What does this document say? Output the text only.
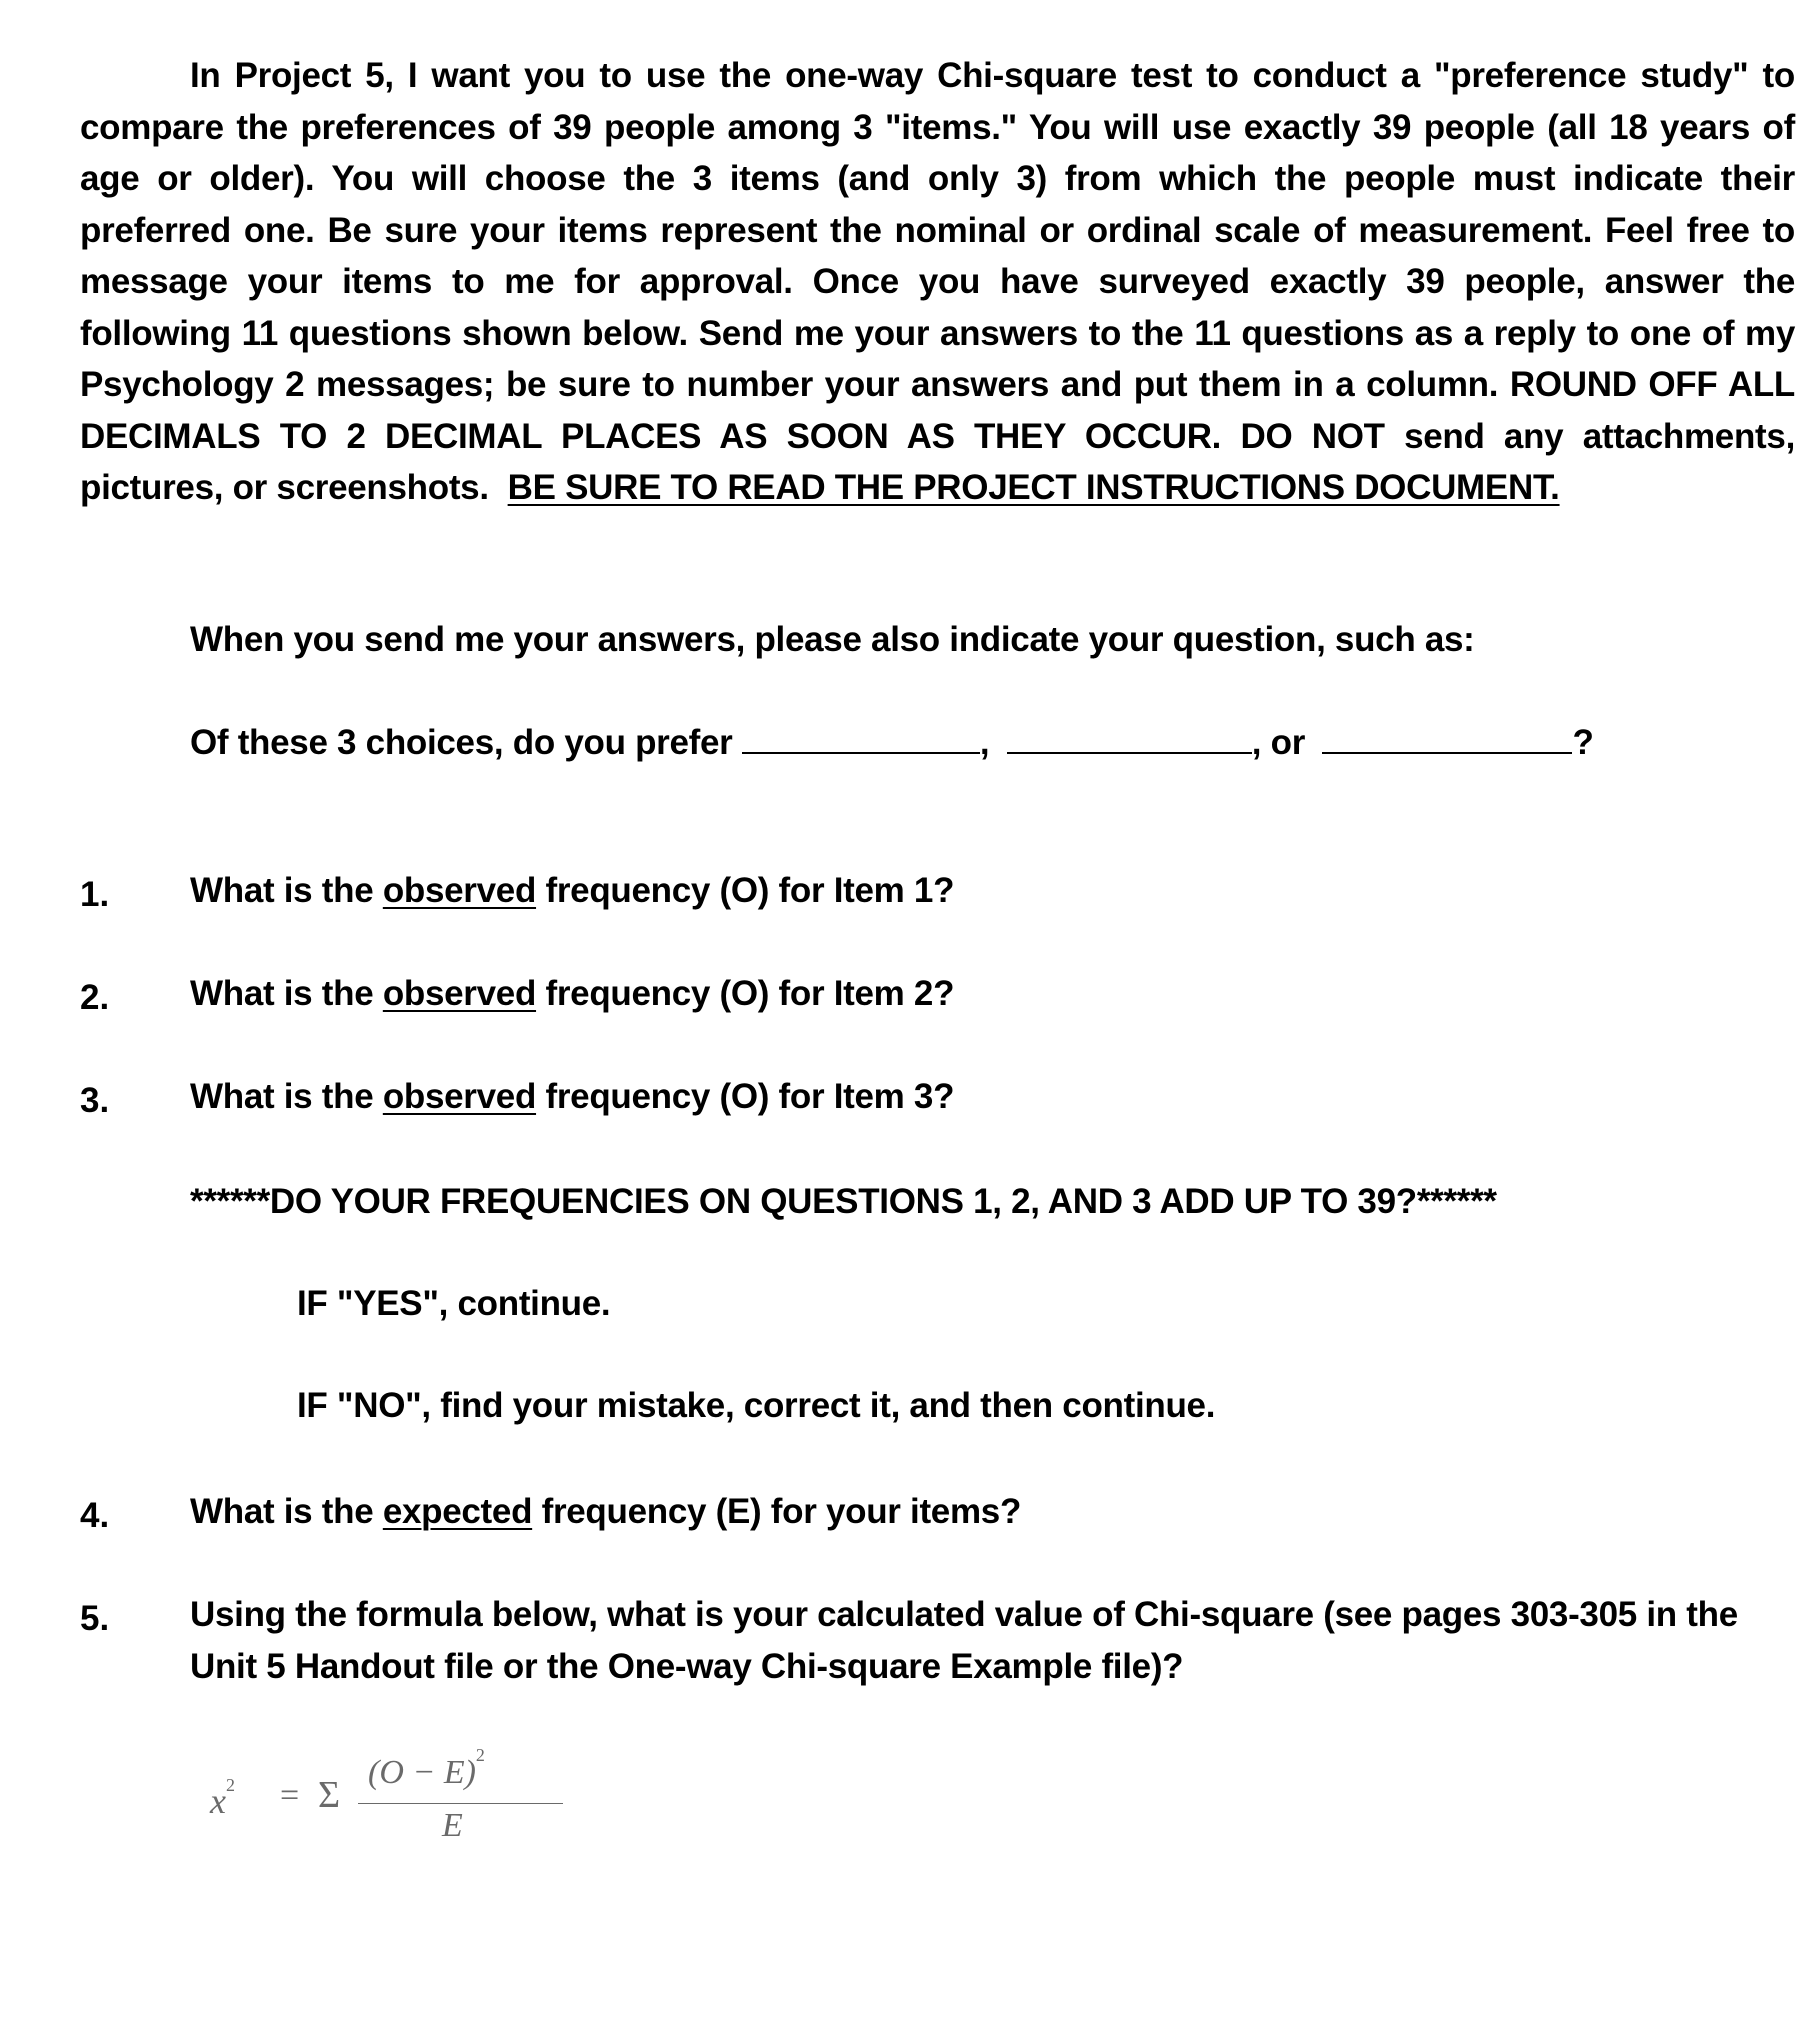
In Project 5, I want you to use the one-way Chi-square test to conduct a "preference study" to compare the preferences of 39 people among 3 "items." You will use exactly 39 people (all 18 years of age or older). You will choose the 3 items (and only 3) from which the people must indicate their preferred one. Be sure your items represent the nominal or ordinal scale of measurement. Feel free to message your items to me for approval. Once you have surveyed exactly 39 people, answer the following 11 questions shown below. Send me your answers to the 11 questions as a reply to one of my Psychology 2 messages; be sure to number your answers and put them in a column. ROUND OFF ALL DECIMALS TO 2 DECIMAL PLACES AS SOON AS THEY OCCUR. DO NOT send any attachments, pictures, or screenshots. BE SURE TO READ THE PROJECT INSTRUCTIONS DOCUMENT.
When you send me your answers, please also indicate your question, such as:
Of these 3 choices, do you prefer	,	, or	?
1. What is the observed frequency (O) for Item 1?
2. What is the observed frequency (O) for Item 2?
3. What is the observed frequency (O) for Item 3?
******DO YOUR FREQUENCIES ON QUESTIONS 1, 2, AND 3 ADD UP TO 39?******
IF "YES", continue.
IF "NO", find your mistake, correct it, and then continue.
4. What is the expected frequency (E) for your items?
5. Using the formula below, what is your calculated value of Chi-square (see pages 303-305 in the Unit 5 Handout file or the One-way Chi-square Example file)?
$x^2 = \Sigma$
$(O - E)^2$
E
